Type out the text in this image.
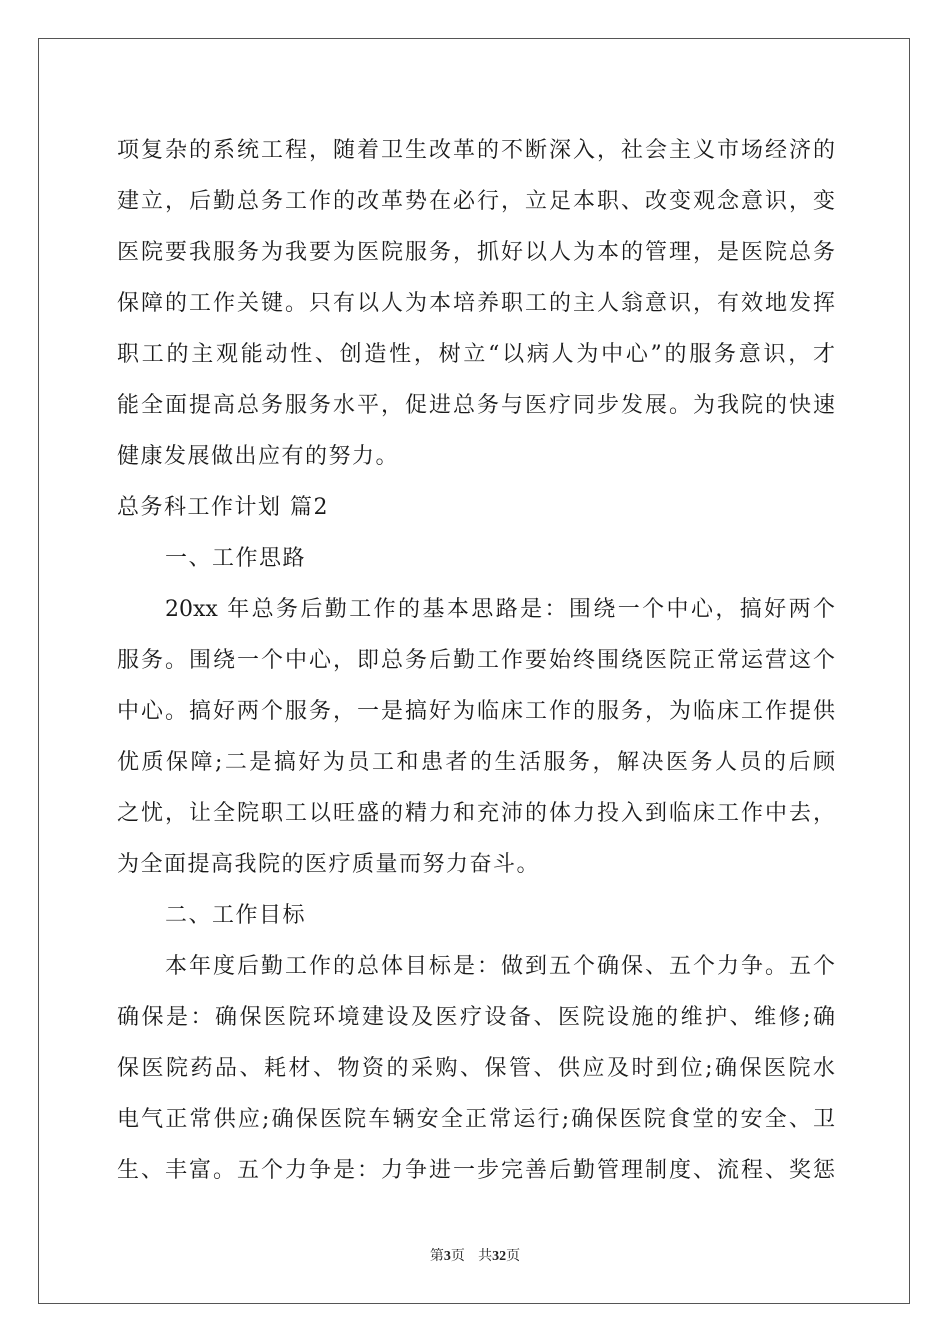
项复杂的系统工程，随着卫生改革的不断深入，社会主义市场经济的
建立，后勤总务工作的改革势在必行，立足本职、改变观念意识，变
医院要我服务为我要为医院服务，抓好以人为本的管理，是医院总务
保障的工作关键。只有以人为本培养职工的主人翁意识，有效地发挥
职工的主观能动性、创造性，树立“以病人为中心”的服务意识，才
能全面提高总务服务水平，促进总务与医疗同步发展。为我院的快速
健康发展做出应有的努力。
总务科工作计划 篇2
一、工作思路
20xx 年总务后勤工作的基本思路是：围绕一个中心，搞好两个
服务。围绕一个中心，即总务后勤工作要始终围绕医院正常运营这个
中心。搞好两个服务，一是搞好为临床工作的服务，为临床工作提供
优质保障;二是搞好为员工和患者的生活服务，解决医务人员的后顾
之忧，让全院职工以旺盛的精力和充沛的体力投入到临床工作中去，
为全面提高我院的医疗质量而努力奋斗。
二、工作目标
本年度后勤工作的总体目标是：做到五个确保、五个力争。五个
确保是：确保医院环境建设及医疗设备、医院设施的维护、维修;确
保医院药品、耗材、物资的采购、保管、供应及时到位;确保医院水
电气正常供应;确保医院车辆安全正常运行;确保医院食堂的安全、卫
生、丰富。五个力争是：力争进一步完善后勤管理制度、流程、奖惩
第3页 共32页
